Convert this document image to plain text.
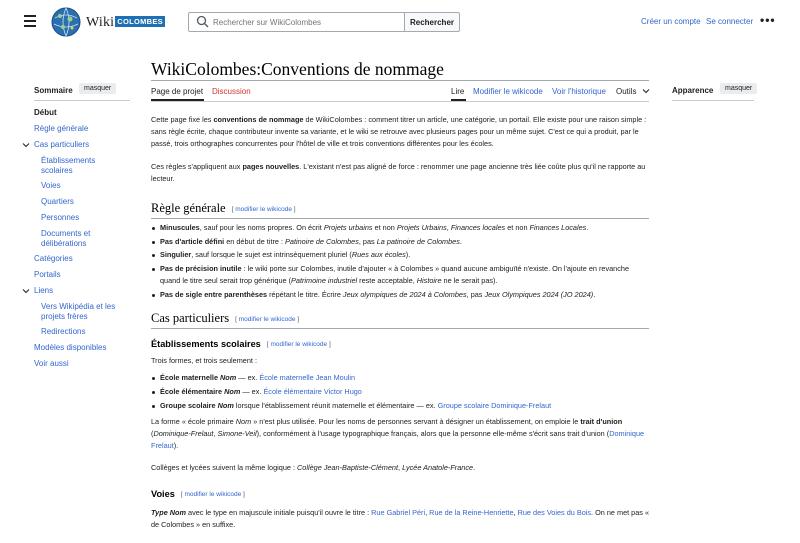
Wiki COLOMBES
Rechercher sur WikiColombes	Rechercher	Créer un compte Se connecter •••
Sommaire	masquer
Début
Règle générale
Cas particuliers
Établissements scolaires
Voies
Quartiers
Personnes
Documents et délibérations
Catégories
Portails
Liens
Vers Wikipédia et les projets frères
Redirections
Modèles disponibles
Voir aussi
WikiColombes:Conventions de nommage
Page de projet Discussion	Lire Modifier le wikicode Voir l'historique Outils

Cette page fixe les conventions de nommage de WikiColombes : comment titrer un article, une catégorie, un portail. Elle existe pour une raison simple : sans règle écrite, chaque contributeur invente sa variante, et le wiki se retrouve avec plusieurs pages pour un même sujet. C'est ce qui a produit, par le passé, trois orthographes concurrentes pour l'hôtel de ville et trois conventions différentes pour les écoles.

Ces règles s'appliquent aux pages nouvelles. L'existant n'est pas aligné de force : renommer une page ancienne très liée coûte plus qu'il ne rapporte au lecteur.

Règle générale [ modifier le wikicode ]
Minuscules, sauf pour les noms propres. On écrit Projets urbains et non Projets Urbains, Finances locales et non Finances Locales.
Pas d'article défini en début de titre : Patinoire de Colombes, pas La patinoire de Colombes.
Singulier, sauf lorsque le sujet est intrinsèquement pluriel (Rues aux écoles).
Pas de précision inutile : le wiki porte sur Colombes, inutile d'ajouter « à Colombes » quand aucune ambiguïté n'existe. On l'ajoute en revanche quand le titre seul serait trop générique (Patrimoine industriel reste acceptable, Histoire ne le serait pas).
Pas de sigle entre parenthèses répétant le titre. Écrire Jeux olympiques de 2024 à Colombes, pas Jeux Olympiques 2024 (JO 2024).
Cas particuliers [ modifier le wikicode ]
Établissements scolaires [ modifier le wikicode ]

Trois formes, et trois seulement :

École maternelle Nom — ex. École maternelle Jean Moulin
École élémentaire Nom — ex. École élémentaire Victor Hugo
Groupe scolaire Nom lorsque l'établissement réunit maternelle et élémentaire — ex. Groupe scolaire Dominique-Frelaut

La forme « école primaire Nom » n'est plus utilisée. Pour les noms de personnes servant à désigner un établissement, on emploie le trait d'union (Dominique-Frelaut, Simone-Veil), conformément à l'usage typographique français, alors que la personne elle-même s'écrit sans trait d'union (Dominique Frelaut).

Collèges et lycées suivent la même logique : Collège Jean-Baptiste-Clément, Lycée Anatole-France.

Voies [ modifier le wikicode ]

Type Nom avec le type en majuscule initiale puisqu'il ouvre le titre : Rue Gabriel Péri, Rue de la Reine-Henriette, Rue des Voies du Bois. On ne met pas « de Colombes » en suffixe.

Apparence	masquer
